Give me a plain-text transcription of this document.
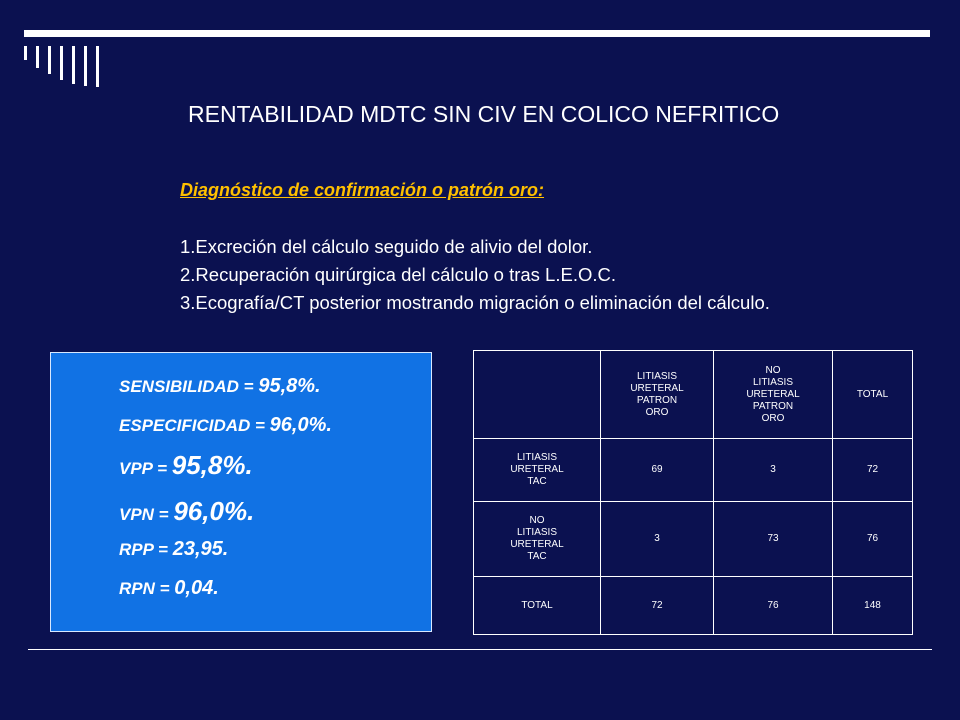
RENTABILIDAD MDTC SIN CIV EN COLICO NEFRITICO
Diagnóstico de confirmación o patrón oro:
1.Excreción del cálculo seguido de alivio del dolor.
2.Recuperación quirúrgica del cálculo o tras L.E.O.C.
3.Ecografía/CT posterior mostrando migración o eliminación del cálculo.
SENSIBILIDAD = 95,8%.
ESPECIFICIDAD = 96,0%.
VPP = 95,8%.
VPN = 96,0%.
RPP = 23,95.
RPN = 0,04.
	LITIASIS
URETERAL
PATRON
ORO	NO
LITIASIS
URETERAL
PATRON
ORO	TOTAL
LITIASIS
URETERAL
TAC	69	3	72
NO
LITIASIS
URETERAL
TAC	3	73	76
TOTAL	72	76	148
